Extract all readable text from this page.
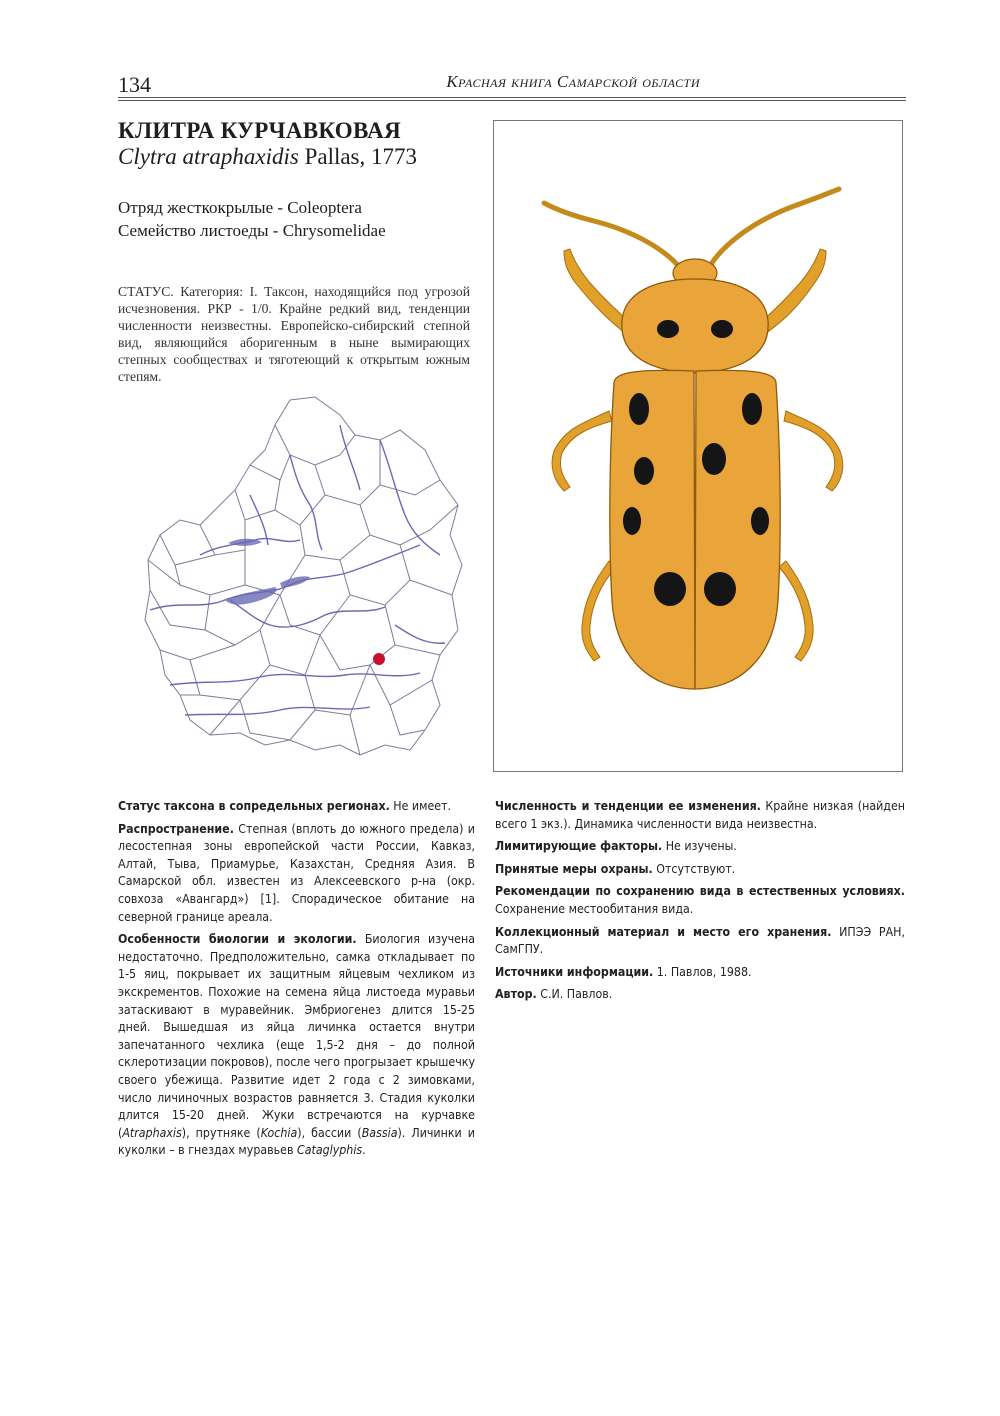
134	Красная книга Самарской области
КЛИТРА КУРЧАВКОВАЯ
Clytra atraphaxidis Pallas, 1773
Отряд жесткокрылые - Coleoptera
Семейство листоеды - Chrysomelidae
СТАТУС. Категория: I. Таксон, находящийся под угрозой исчезновения. РКР - 1/0. Крайне редкий вид, тенденции численности неизвестны. Европейско-сибирский степной вид, являющийся аборигенным в ныне вымирающих степных сообществах и тяготеющий к открытым южным степям.

Статус таксона в сопредельных регионах. Не имеет.

Распространение. Степная (вплоть до южного предела) и лесостепная зоны европейской части России, Кавказ, Алтай, Тыва, Приамурье, Казахстан, Средняя Азия. В Самарской обл. известен из Алексеевского р-на (окр. совхоза «Авангард») [1]. Спорадическое обитание на северной границе ареала.

Особенности биологии и экологии. Биология изучена недостаточно. Предположительно, самка откладывает по 1-5 яиц, покрывает их защитным яйцевым чехликом из экскрементов. Похожие на семена яйца листоеда муравьи затаскивают в муравейник. Эмбриогенез длится 15-25 дней. Вышедшая из яйца личинка остается внутри запечатанного чехлика (еще 1,5-2 дня – до полной склеротизации покровов), после чего прогрызает крышечку своего убежища. Развитие идет 2 года с 2 зимовками, число личиночных возрастов равняется 3. Стадия куколки длится 15-20 дней. Жуки встречаются на курчавке (Atraphaxis), прутняке (Kochia), бассии (Bassia). Личинки и куколки – в гнездах муравьев Cataglyphis.

Численность и тенденции ее изменения. Крайне низкая (найден всего 1 экз.). Динамика численности вида неизвестна.

Лимитирующие факторы. Не изучены.

Принятые меры охраны. Отсутствуют.

Рекомендации по сохранению вида в естественных условиях. Сохранение местообитания вида.

Коллекционный материал и место его хранения. ИПЭЭ РАН, СамГПУ.

Источники информации. 1. Павлов, 1988.

Автор. С.И. Павлов.
